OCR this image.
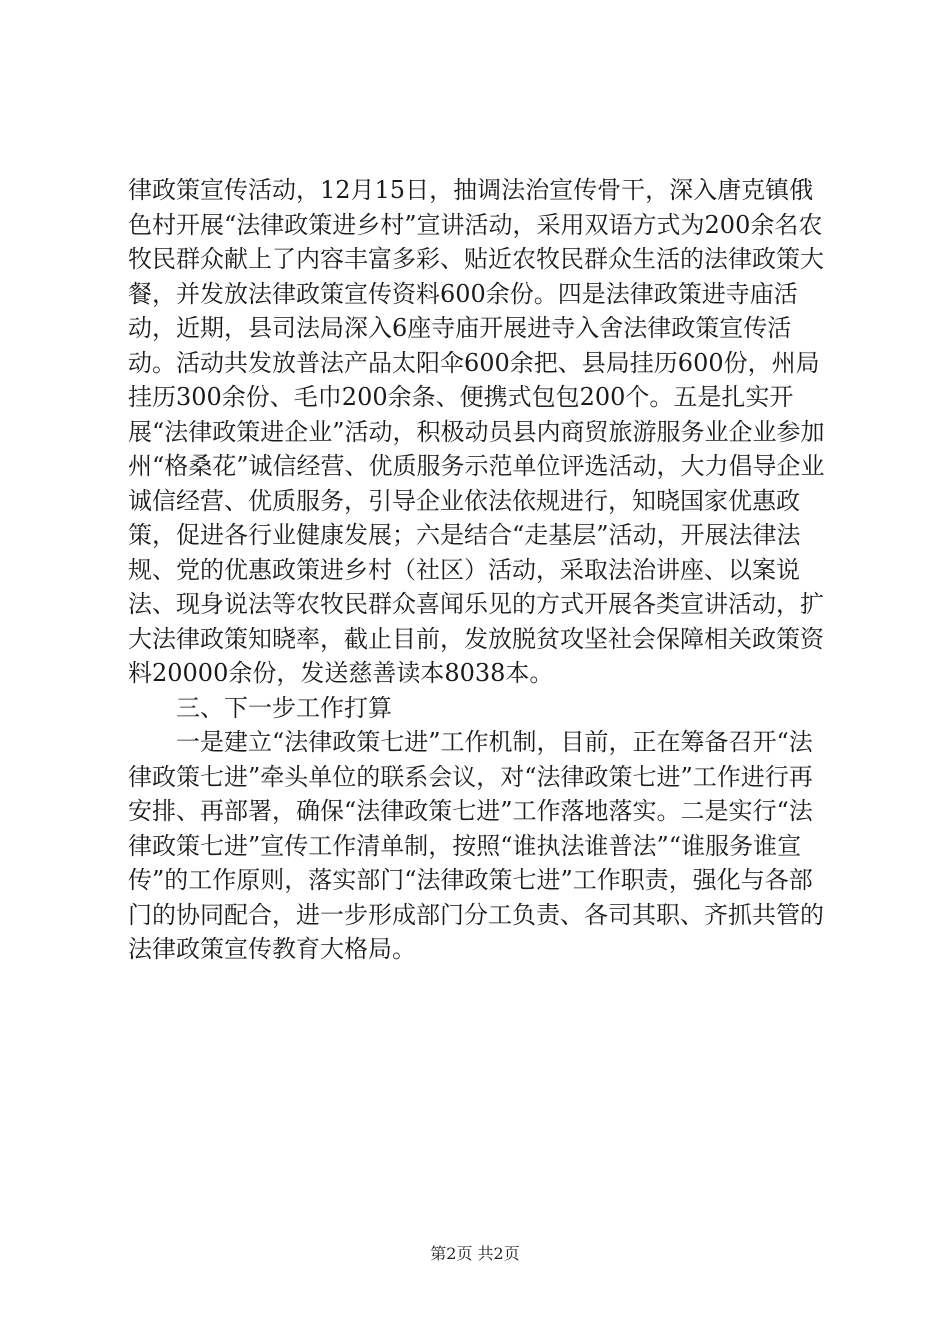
律政策宣传活动，12月15日，抽调法治宣传骨干，深入唐克镇俄色村开展“法律政策进乡村”宣讲活动，采用双语方式为200余名农牧民群众献上了内容丰富多彩、贴近农牧民群众生活的法律政策大餐，并发放法律政策宣传资料600余份。四是法律政策进寺庙活动，近期，县司法局深入6座寺庙开展进寺入舍法律政策宣传活动。活动共发放普法产品太阳伞600余把、县局挂历600份，州局挂历300余份、毛巾200余条、便携式包包200个。五是扎实开展“法律政策进企业”活动，积极动员县内商贸旅游服务业企业参加州“格桑花”诚信经营、优质服务示范单位评选活动，大力倡导企业诚信经营、优质服务，引导企业依法依规进行，知晓国家优惠政策，促进各行业健康发展；六是结合“走基层”活动，开展法律法规、党的优惠政策进乡村（社区）活动，采取法治讲座、以案说法、现身说法等农牧民群众喜闻乐见的方式开展各类宣讲活动，扩大法律政策知晓率，截止目前，发放脱贫攻坚社会保障相关政策资料20000余份，发送慈善读本8038本。

三、下一步工作打算

一是建立“法律政策七进”工作机制，目前，正在筹备召开“法律政策七进”牵头单位的联系会议，对“法律政策七进”工作进行再安排、再部署，确保“法律政策七进”工作落地落实。二是实行“法律政策七进”宣传工作清单制，按照“谁执法谁普法”“谁服务谁宣传”的工作原则，落实部门“法律政策七进”工作职责，强化与各部门的协同配合，进一步形成部门分工负责、各司其职、齐抓共管的法律政策宣传教育大格局。

第2页 共2页
